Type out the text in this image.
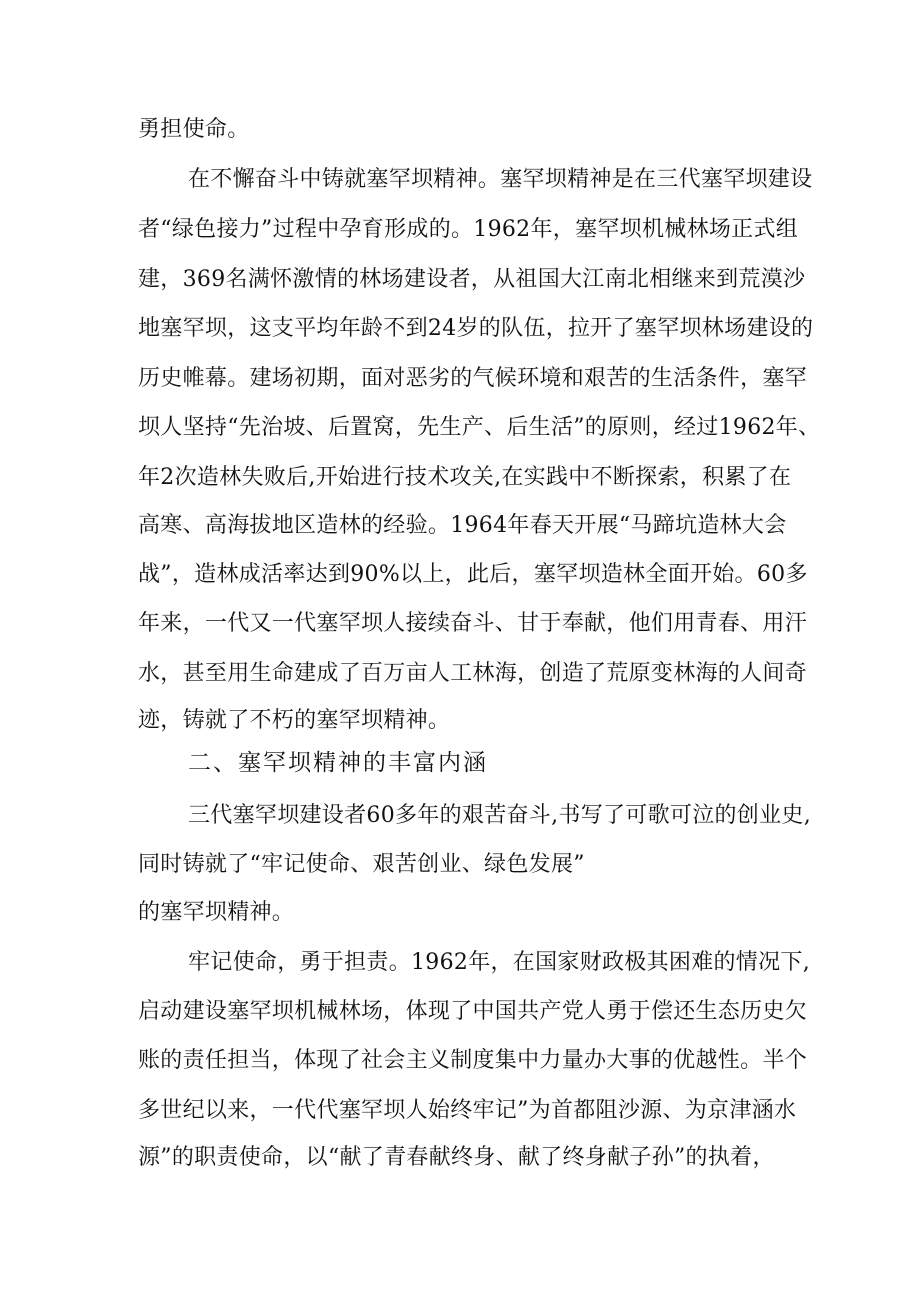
勇担使命。
在不懈奋斗中铸就塞罕坝精神。塞罕坝精神是在三代塞罕坝建设
者“绿色接力”过程中孕育形成的。1962年，塞罕坝机械林场正式组
建，369名满怀激情的林场建设者，从祖国大江南北相继来到荒漠沙
地塞罕坝，这支平均年龄不到24岁的队伍，拉开了塞罕坝林场建设的
历史帷幕。建场初期，面对恶劣的气候环境和艰苦的生活条件，塞罕
坝人坚持“先治坡、后置窝，先生产、后生活”的原则，经过1962年、
年2次造林失败后,开始进行技术攻关,在实践中不断探索，积累了在
高寒、高海拔地区造林的经验。1964年春天开展“马蹄坑造林大会
战”，造林成活率达到90%以上，此后，塞罕坝造林全面开始。60多
年来，一代又一代塞罕坝人接续奋斗、甘于奉献，他们用青春、用汗
水，甚至用生命建成了百万亩人工林海，创造了荒原变林海的人间奇
迹，铸就了不朽的塞罕坝精神。
二、塞罕坝精神的丰富内涵
三代塞罕坝建设者60多年的艰苦奋斗,书写了可歌可泣的创业史,
同时铸就了“牢记使命、艰苦创业、绿色发展”
的塞罕坝精神。
牢记使命，勇于担责。1962年，在国家财政极其困难的情况下,
启动建设塞罕坝机械林场，体现了中国共产党人勇于偿还生态历史欠
账的责任担当，体现了社会主义制度集中力量办大事的优越性。半个
多世纪以来，一代代塞罕坝人始终牢记”为首都阻沙源、为京津涵水
源”的职责使命，以“献了青春献终身、献了终身献子孙”的执着，
